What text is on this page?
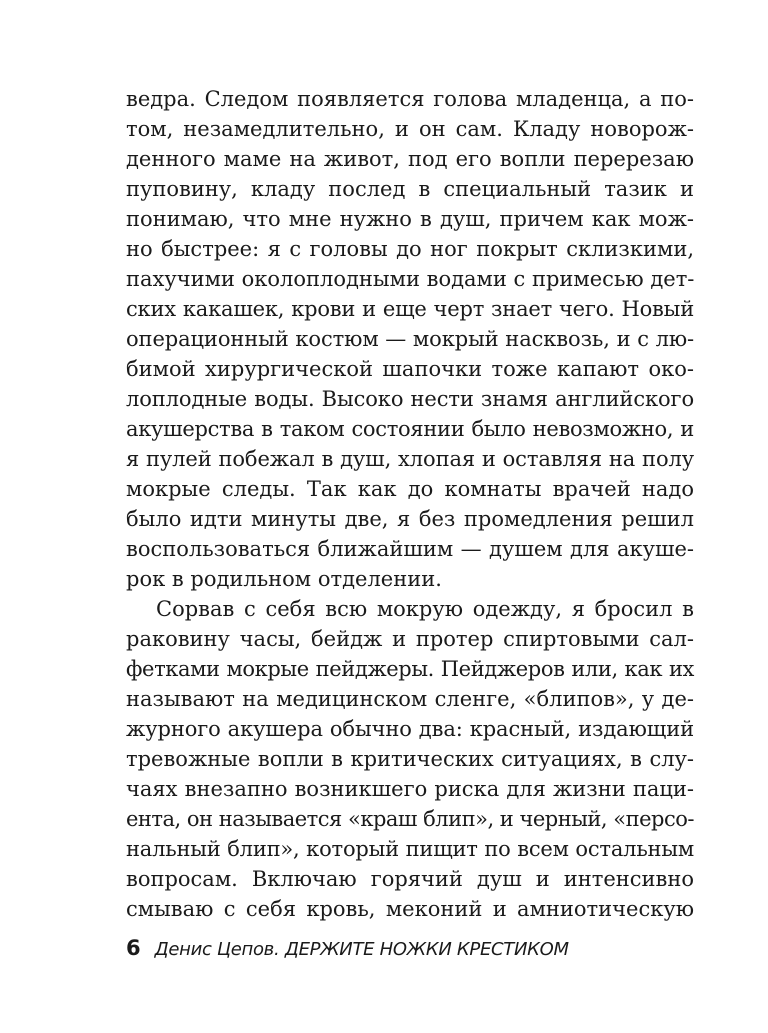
ведра. Следом появляется голова младенца, а по-
том, незамедлительно, и он сам. Кладу новорож-
денного маме на живот, под его вопли перерезаю
пуповину, кладу послед в специальный тазик и
понимаю, что мне нужно в душ, причем как мож-
но быстрее: я с головы до ног покрыт склизкими,
пахучими околоплодными водами с примесью дет-
ских какашек, крови и еще черт знает чего. Новый
операционный костюм — мокрый насквозь, и с лю-
бимой хирургической шапочки тоже капают око-
лоплодные воды. Высоко нести знамя английского
акушерства в таком состоянии было невозможно, и
я пулей побежал в душ, хлопая и оставляя на полу
мокрые следы. Так как до комнаты врачей надо
было идти минуты две, я без промедления решил
воспользоваться ближайшим — душем для акуше-
рок в родильном отделении.
Сорвав с себя всю мокрую одежду, я бросил в
раковину часы, бейдж и протер спиртовыми сал-
фетками мокрые пейджеры. Пейджеров или, как их
называют на медицинском сленге, «блипов», у де-
журного акушера обычно два: красный, издающий
тревожные вопли в критических ситуациях, в слу-
чаях внезапно возникшего риска для жизни паци-
ента, он называется «краш блип», и черный, «персо-
нальный блип», который пищит по всем остальным
вопросам. Включаю горячий душ и интенсивно
смываю с себя кровь, меконий и амниотическую
6 Денис Цепов. ДЕРЖИТЕ НОЖКИ КРЕСТИКОМ
